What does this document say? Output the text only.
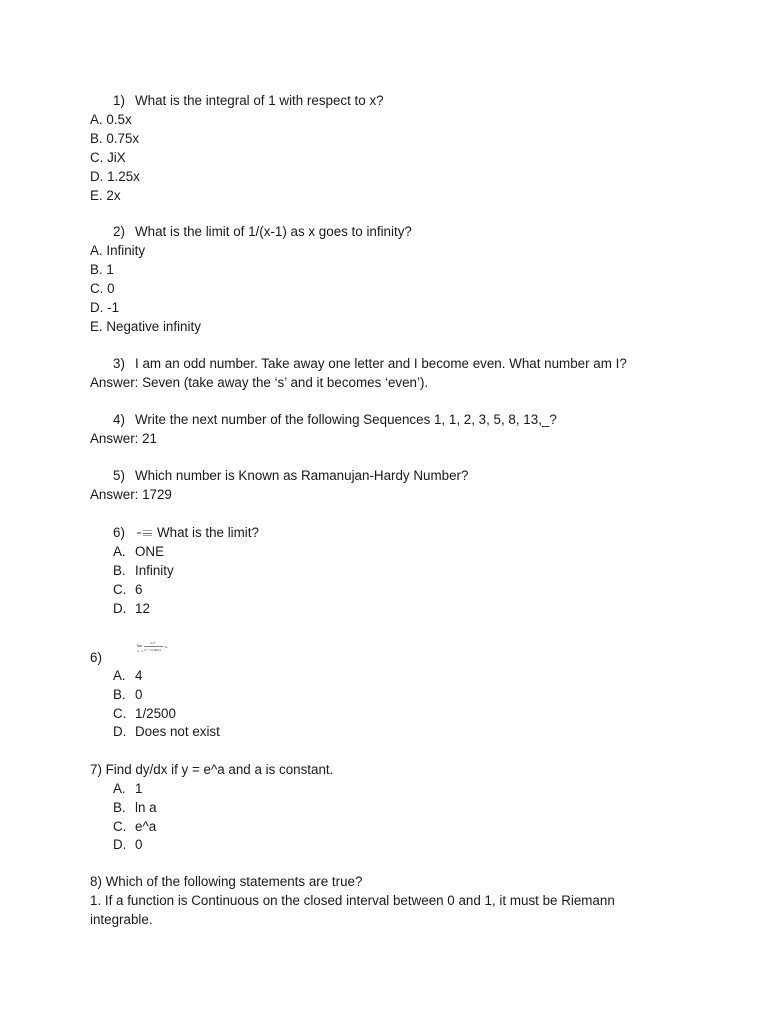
1) What is the integral of 1 with respect to x?
A. 0.5x
B. 0.75x
C. JiX
D. 1.25x
E. 2x
2) What is the limit of 1/(x-1) as x goes to infinity?
A. Infinity
B. 1
C. 0
D. -1
E. Negative infinity
3) I am an odd number. Take away one letter and I become even. What number am I?
Answer: Seven (take away the ‘s’ and it becomes ‘even’).
4) Write the next number of the following Sequences 1, 1, 2, 3, 5, 8, 13,_?
Answer: 21
5) Which number is Known as Ramanujan-Hardy Number?
Answer: 1729
6) What is the limit?
A. ONE
B. Infinity
C. 6
D. 12
lim
n→∞
4 n²
n² + 10,000 n
is
6)
A. 4
B. 0
C. 1/2500
D. Does not exist
7) Find dy/dx if y = e^a and a is constant.
A. 1
B. ln a
C. e^a
D. 0
8) Which of the following statements are true?
1. If a function is Continuous on the closed interval between 0 and 1, it must be Riemann integrable.
